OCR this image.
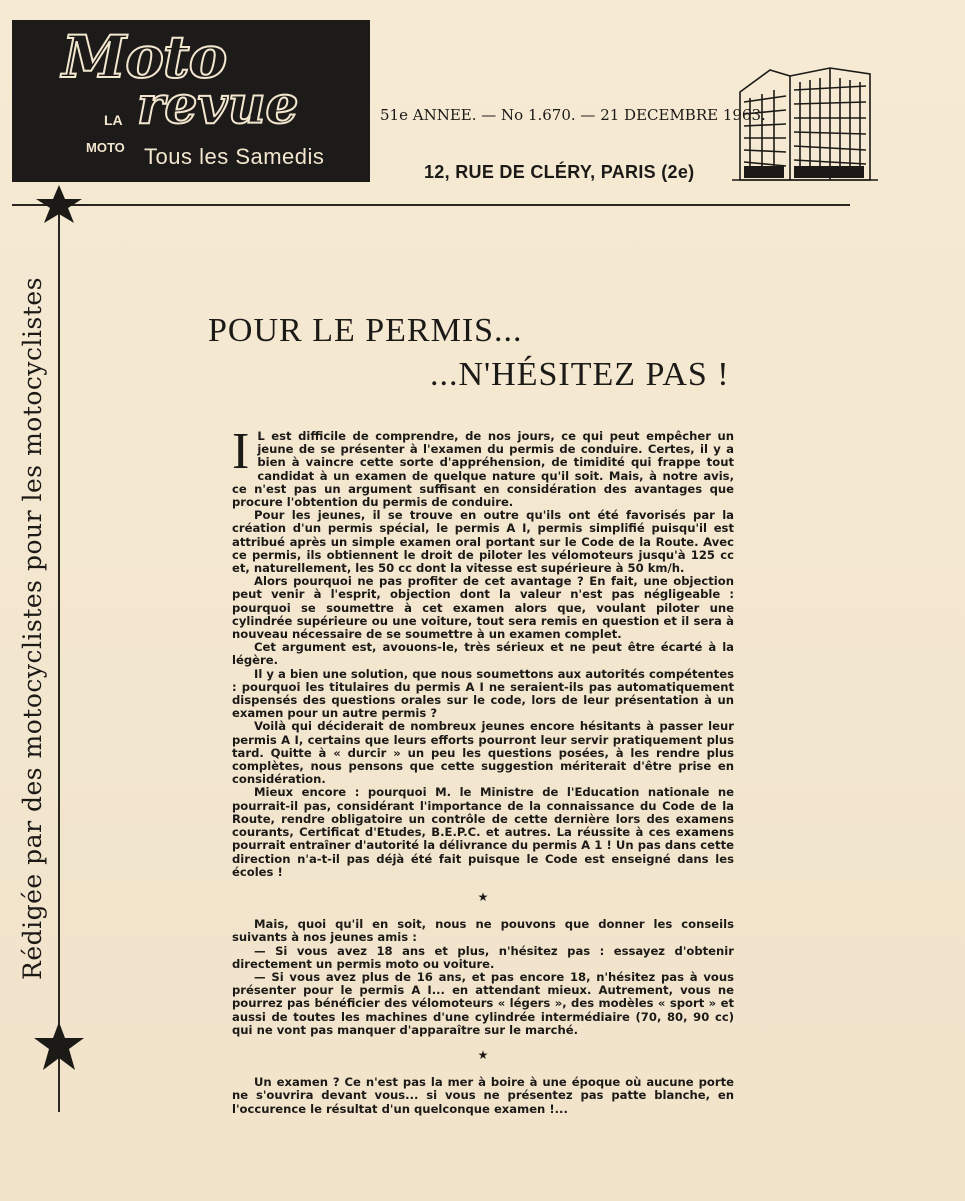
Moto
LA revue
MOTO Tous les Samedis
51e ANNEE. — No 1.670. — 21 DECEMBRE 1963.
12, RUE DE CLÉRY, PARIS (2e)
Rédigée par des motocyclistes pour les motocyclistes	POUR LE PERMIS...
...N'HÉSITEZ PAS !

I L est difficile de comprendre, de nos jours, ce qui peut empêcher un jeune de se présenter à l'examen du permis de conduire. Certes, il y a bien à vaincre cette sorte d'appréhension, de timidité qui frappe tout candidat à un examen de quelque nature qu'il soit. Mais, à notre avis, ce n'est pas un argument suffisant en considération des avantages que procure l'obtention du permis de conduire.

Pour les jeunes, il se trouve en outre qu'ils ont été favorisés par la création d'un permis spécial, le permis A I, permis simplifié puisqu'il est attribué après un simple examen oral portant sur le Code de la Route. Avec ce permis, ils obtiennent le droit de piloter les vélomoteurs jusqu'à 125 cc et, naturellement, les 50 cc dont la vitesse est supérieure à 50 km/h.

Alors pourquoi ne pas profiter de cet avantage ? En fait, une objection peut venir à l'esprit, objection dont la valeur n'est pas négligeable : pourquoi se soumettre à cet examen alors que, voulant piloter une cylindrée supérieure ou une voiture, tout sera remis en question et il sera à nouveau nécessaire de se soumettre à un examen complet.

Cet argument est, avouons-le, très sérieux et ne peut être écarté à la légère.

Il y a bien une solution, que nous soumettons aux autorités compétentes : pourquoi les titulaires du permis A I ne seraient-ils pas automatiquement dispensés des questions orales sur le code, lors de leur présentation à un examen pour un autre permis ?

Voilà qui déciderait de nombreux jeunes encore hésitants à passer leur permis A I, certains que leurs efforts pourront leur servir pratiquement plus tard. Quitte à « durcir » un peu les questions posées, à les rendre plus complètes, nous pensons que cette suggestion mériterait d'être prise en considération.

Mieux encore : pourquoi M. le Ministre de l'Education nationale ne pourrait-il pas, considérant l'importance de la connaissance du Code de la Route, rendre obligatoire un contrôle de cette dernière lors des examens courants, Certificat d'Etudes, B.E.P.C. et autres. La réussite à ces examens pourrait entraîner d'autorité la délivrance du permis A 1 ! Un pas dans cette direction n'a-t-il pas déjà été fait puisque le Code est enseigné dans les écoles !

★

Mais, quoi qu'il en soit, nous ne pouvons que donner les conseils suivants à nos jeunes amis :

— Si vous avez 18 ans et plus, n'hésitez pas : essayez d'obtenir directement un permis moto ou voiture.

— Si vous avez plus de 16 ans, et pas encore 18, n'hésitez pas à vous présenter pour le permis A I... en attendant mieux. Autrement, vous ne pourrez pas bénéficier des vélomoteurs « légers », des modèles « sport » et aussi de toutes les machines d'une cylindrée intermédiaire (70, 80, 90 cc) qui ne vont pas manquer d'apparaître sur le marché.

★

Un examen ? Ce n'est pas la mer à boire à une époque où aucune porte ne s'ouvrira devant vous... si vous ne présentez pas patte blanche, en l'occurence le résultat d'un quelconque examen !...
